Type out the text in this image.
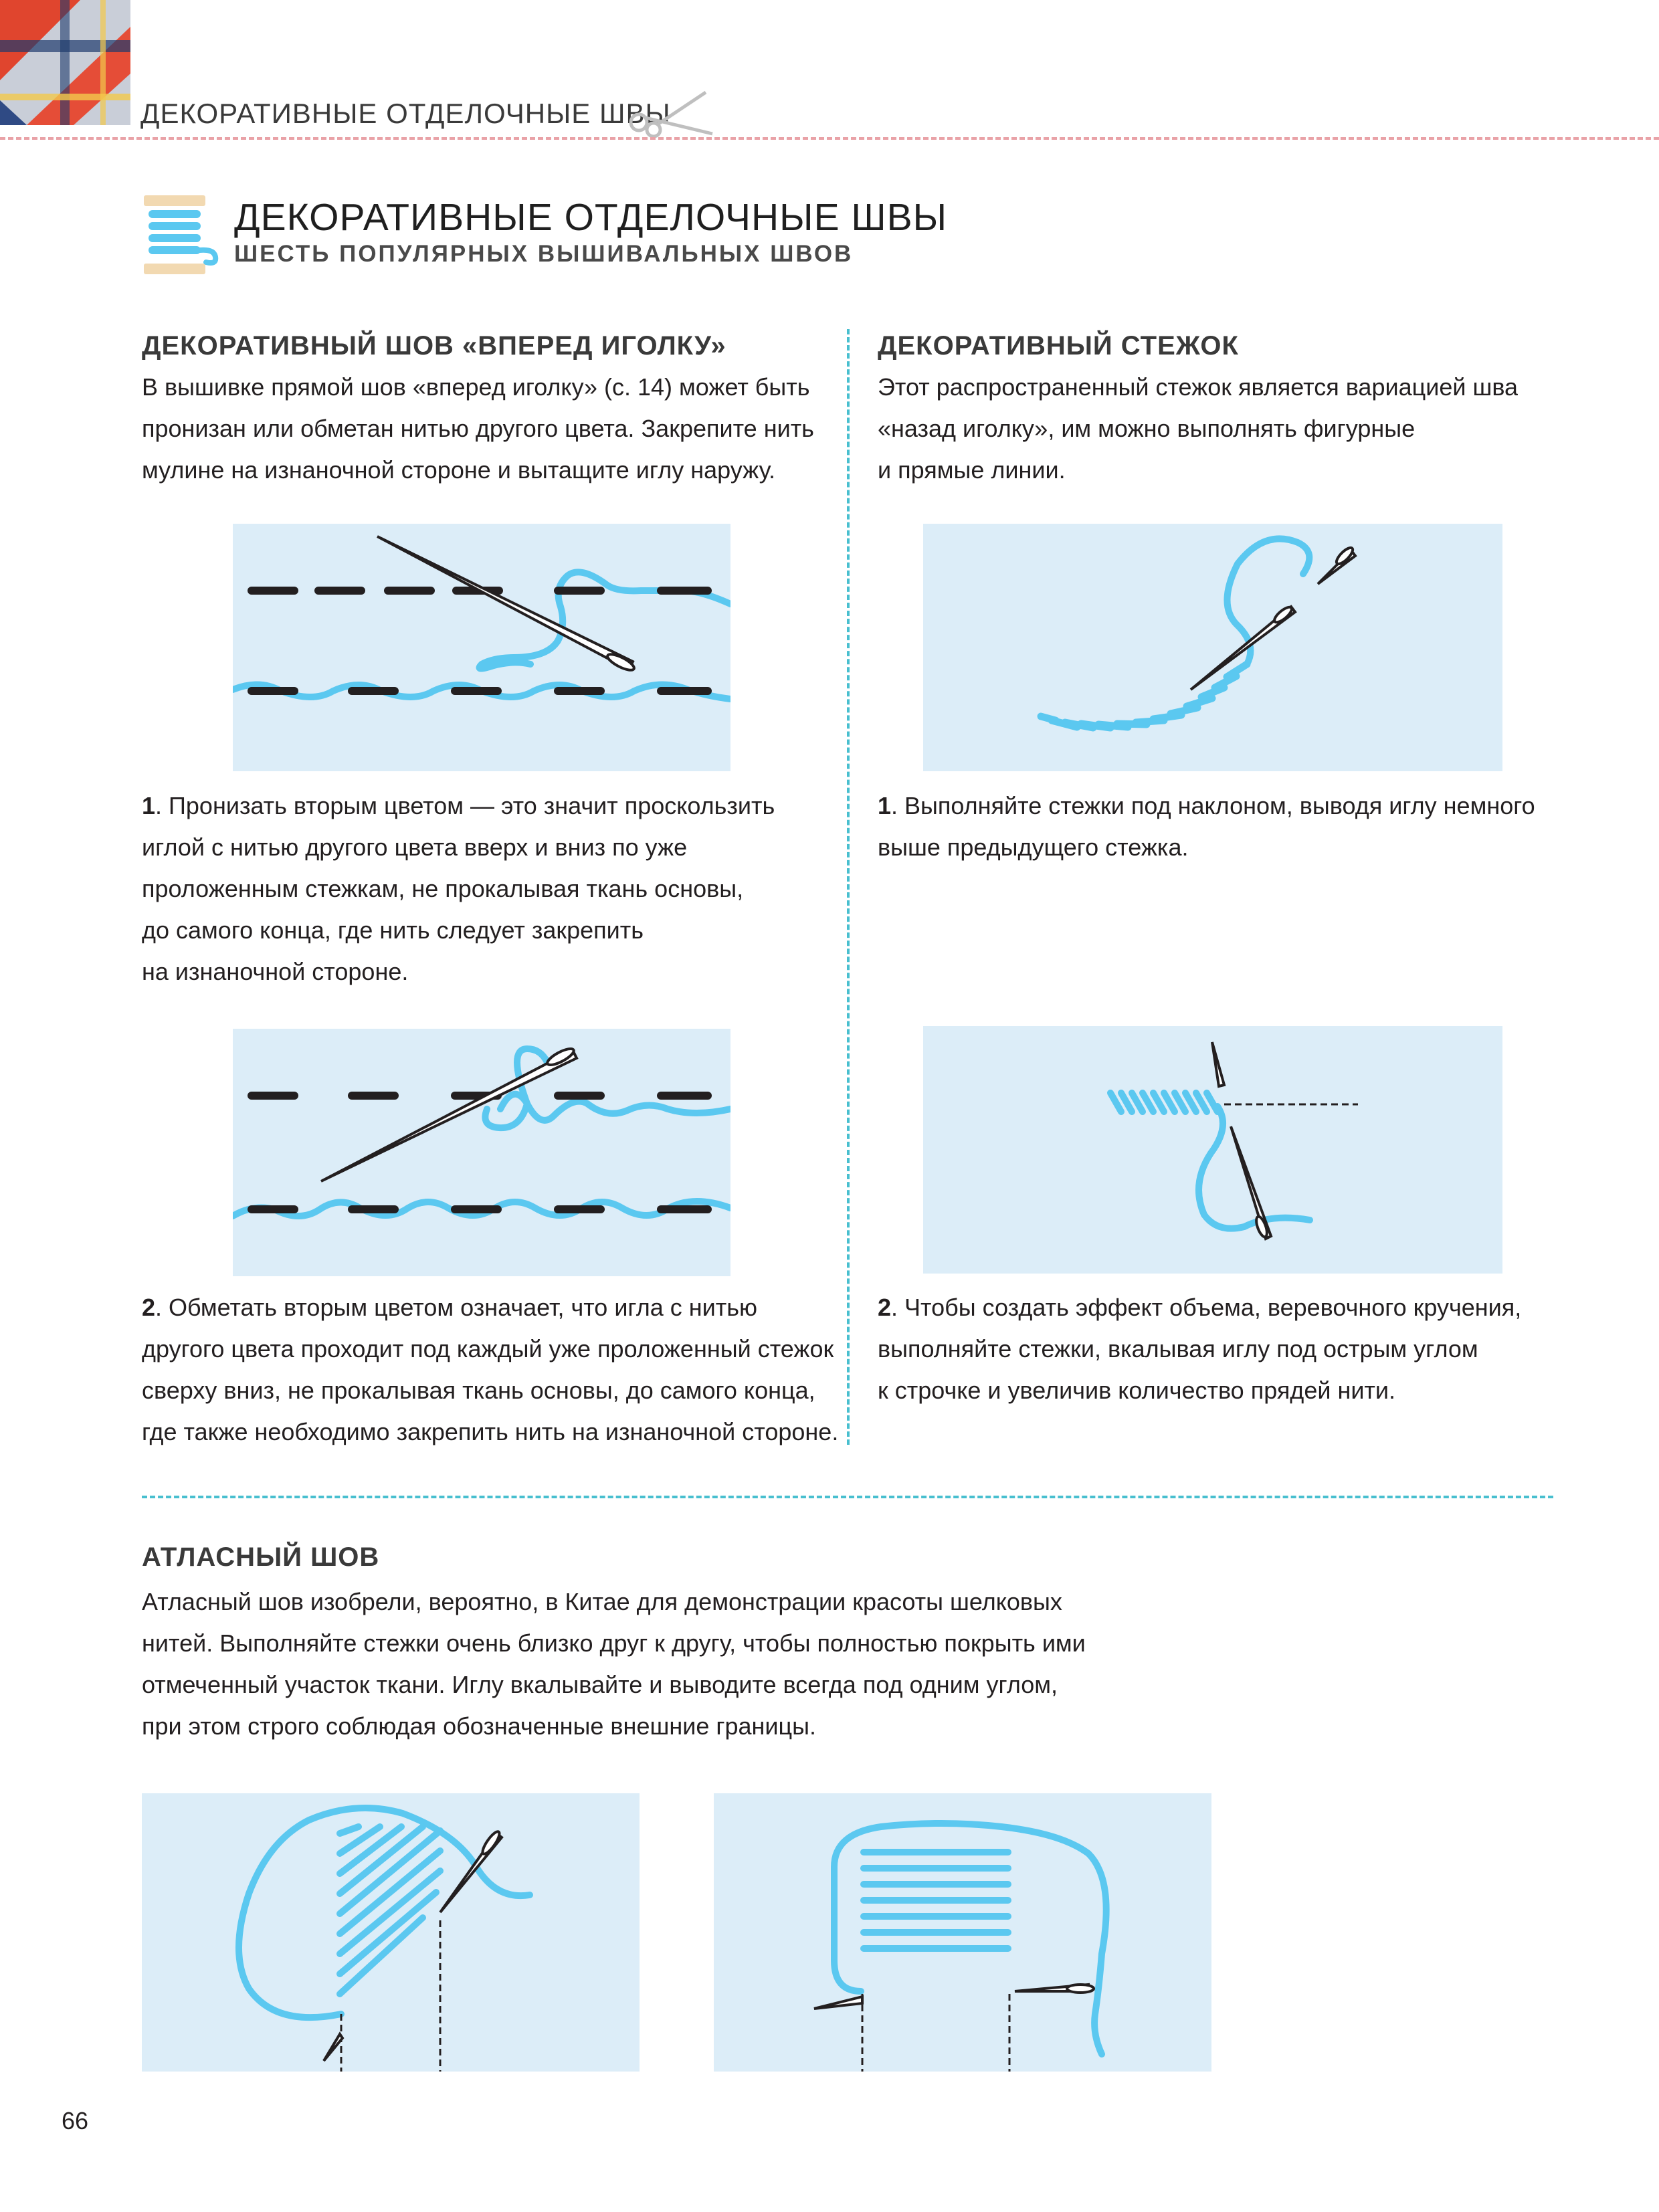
ДЕКОРАТИВНЫЕ ОТДЕЛОЧНЫЕ ШВЫ
ДЕКОРАТИВНЫЕ ОТДЕЛОЧНЫЕ ШВЫ
ШЕСТЬ ПОПУЛЯРНЫХ ВЫШИВАЛЬНЫХ ШВОВ
ДЕКОРАТИВНЫЙ ШОВ «ВПЕРЕД ИГОЛКУ»
В вышивке прямой шов «вперед иголку» (с. 14) может быть
пронизан или обметан нитью другого цвета. Закрепите нить
мулине на изнаночной стороне и вытащите иглу наружу.
1. Пронизать вторым цветом — это значит проскользить
иглой с нитью другого цвета вверх и вниз по уже
проложенным стежкам, не прокалывая ткань основы,
до самого конца, где нить следует закрепить
на изнаночной стороне.
2. Обметать вторым цветом означает, что игла с нитью
другого цвета проходит под каждый уже проложенный стежок
сверху вниз, не прокалывая ткань основы, до самого конца,
где также необходимо закрепить нить на изнаночной стороне.
ДЕКОРАТИВНЫЙ СТЕЖОК
Этот распространенный стежок является вариацией шва
«назад иголку», им можно выполнять фигурные
и прямые линии.
1. Выполняйте стежки под наклоном, выводя иглу немного
выше предыдущего стежка.
2. Чтобы создать эффект объема, веревочного кручения,
выполняйте стежки, вкалывая иглу под острым углом
к строчке и увеличив количество прядей нити.
АТЛАСНЫЙ ШОВ
Атласный шов изобрели, вероятно, в Китае для демонстрации красоты шелковых
нитей. Выполняйте стежки очень близко друг к другу, чтобы полностью покрыть ими
отмеченный участок ткани. Иглу вкалывайте и выводите всегда под одним углом,
при этом строго соблюдая обозначенные внешние границы.
66
